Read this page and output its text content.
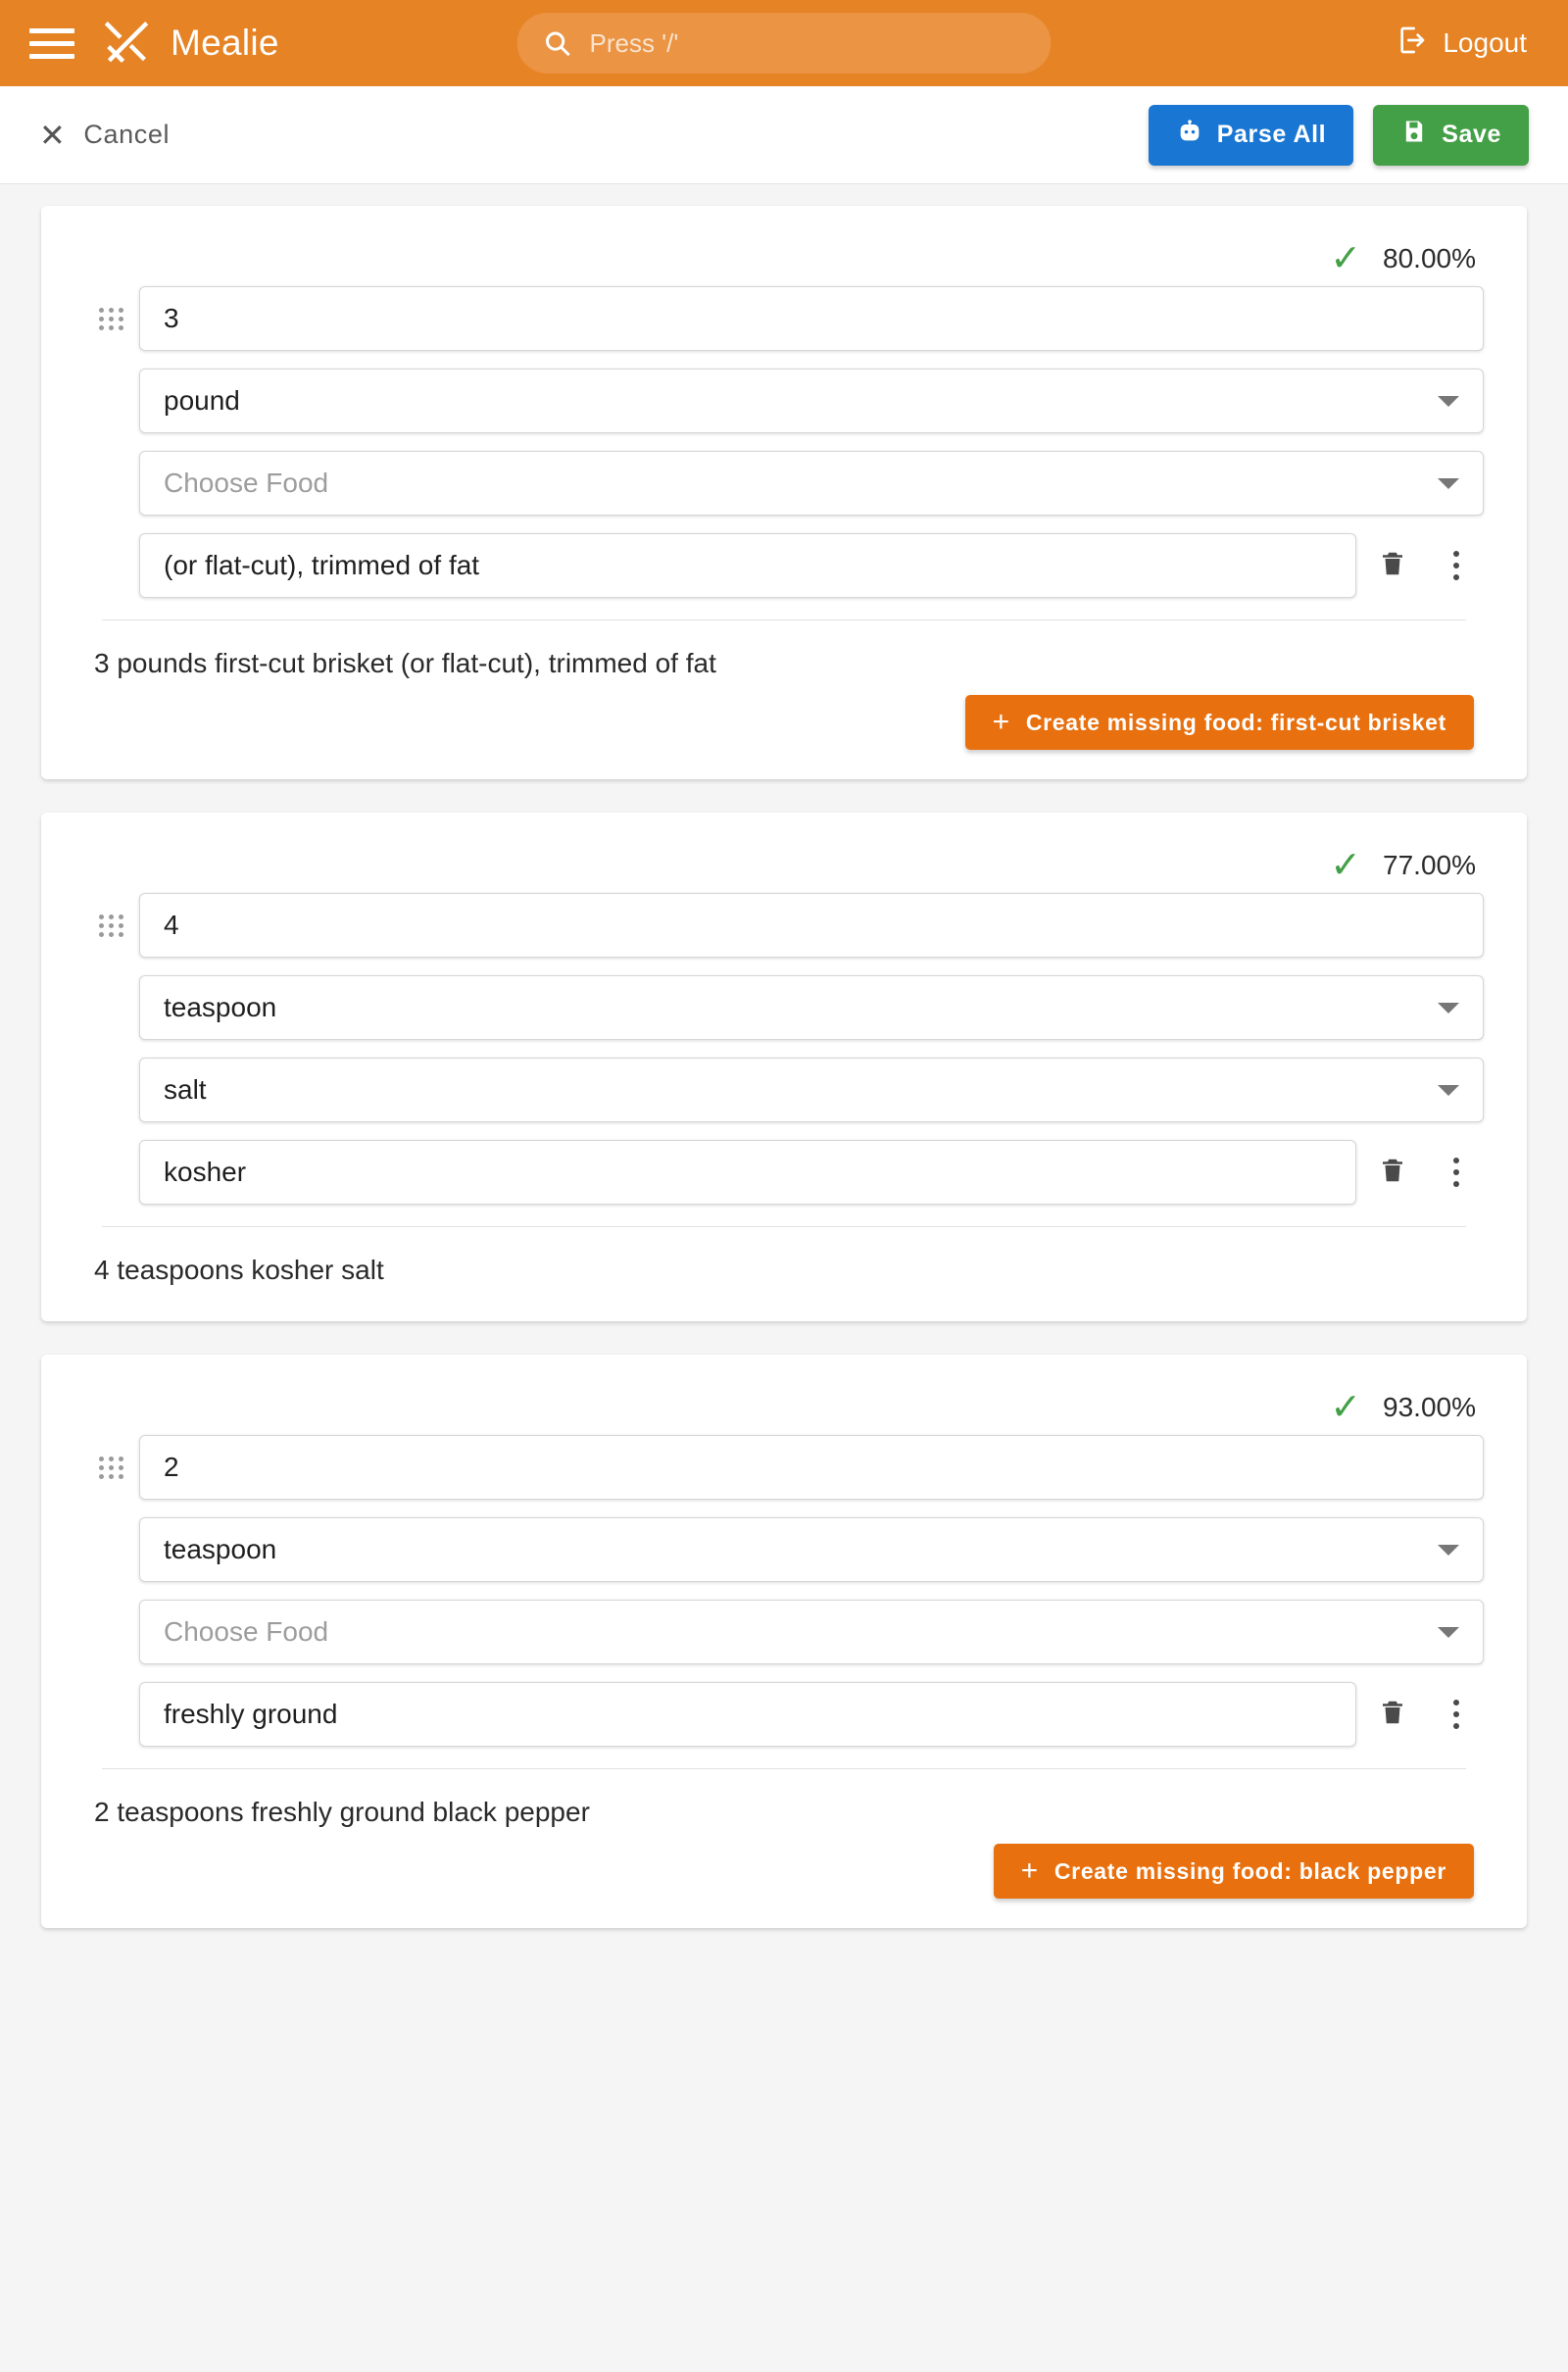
Mealie	Press '/'	Logout
✕ Cancel	Parse All	Save
✓ 80.00%
3
pound
Choose Food
(or flat-cut), trimmed of fat
3 pounds first-cut brisket (or flat-cut), trimmed of fat
+ Create missing food: first-cut brisket
✓ 77.00%
4
teaspoon
salt
kosher
4 teaspoons kosher salt
✓ 93.00%
2
teaspoon
Choose Food
freshly ground
2 teaspoons freshly ground black pepper
+ Create missing food: black pepper
